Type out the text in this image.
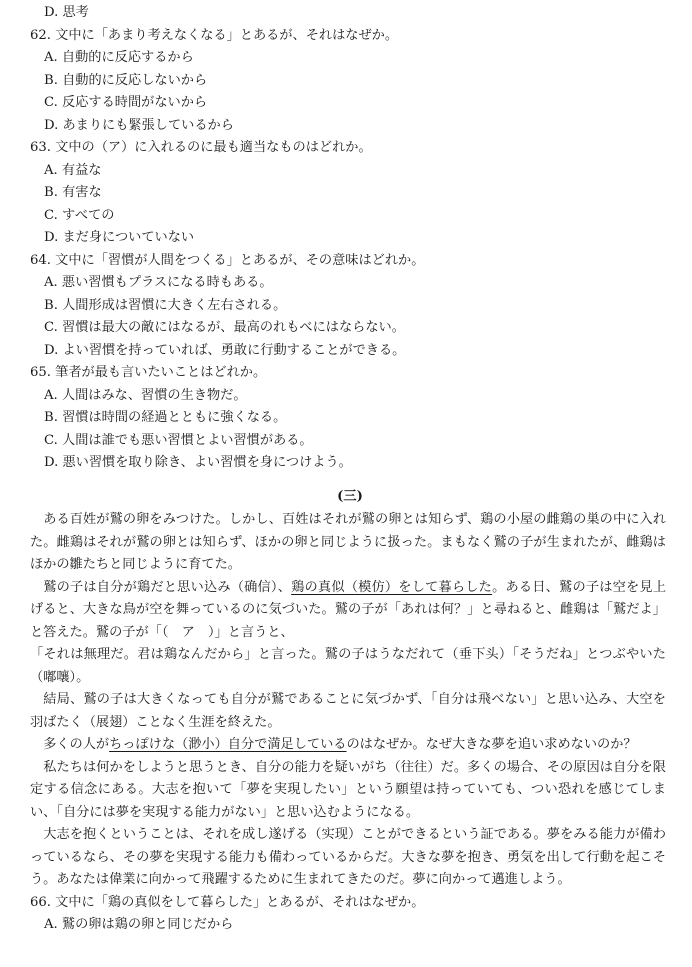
D. 思考
62. 文中に「あまり考えなくなる」とあるが、それはなぜか。
A. 自動的に反応するから
B. 自動的に反応しないから
C. 反応する時間がないから
D. あまりにも緊張しているから
63. 文中の（ア）に入れるのに最も適当なものはどれか。
A. 有益な
B. 有害な
C. すべての
D. まだ身についていない
64. 文中に「習慣が人間をつくる」とあるが、その意味はどれか。
A. 悪い習慣もプラスになる時もある。
B. 人間形成は習慣に大きく左右される。
C. 習慣は最大の敵にはなるが、最高のれもべにはならない。
D. よい習慣を持っていれば、勇敢に行動することができる。
65. 筆者が最も言いたいことはどれか。
A. 人間はみな、習慣の生き物だ。
B. 習慣は時間の経過とともに強くなる。
C. 人間は誰でも悪い習慣とよい習慣がある。
D. 悪い習慣を取り除き、よい習慣を身につけよう。
(三)

ある百姓が鷲の卵をみつけた。しかし、百姓はそれが鷲の卵とは知らず、鶏の小屋の雌鶏の巣の中に入れた。雌鶏はそれが鷲の卵とは知らず、ほかの卵と同じように扱った。まもなく鷲の子が生まれたが、雌鶏はほかの雛たちと同じように育てた。

鷲の子は自分が鶏だと思い込み（确信）、鶏の真似（模仿）をして暮らした。ある日、鷲の子は空を見上げると、大きな鳥が空を舞っているのに気づいた。鷲の子が「あれは何？」と尋ねると、雌鶏は「鷲だよ」と答えた。鷲の子が「（　ア　）」と言うと、

「それは無理だ。君は鶏なんだから」と言った。鷲の子はうなだれて（垂下头）「そうだね」とつぶやいた（嘟嚷）。

結局、鷲の子は大きくなっても自分が鷲であることに気づかず、「自分は飛べない」と思い込み、大空を羽ばたく（展翅）ことなく生涯を終えた。

多くの人がちっぽけな（渺小）自分で満足しているのはなぜか。なぜ大きな夢を追い求めないのか？

私たちは何かをしようと思うとき、自分の能力を疑いがち（往往）だ。多くの場合、その原因は自分を限定する信念にある。大志を抱いて「夢を実現したい」という願望は持っていても、つい恐れを感じてしまい、「自分には夢を実現する能力がない」と思い込むようになる。

大志を抱くということは、それを成し遂げる（实现）ことができるという証である。夢をみる能力が備わっているなら、その夢を実現する能力も備わっているからだ。大きな夢を抱き、勇気を出して行動を起こそう。あなたは偉業に向かって飛躍するために生まれてきたのだ。夢に向かって邁進しよう。

66. 文中に「鶏の真似をして暮らした」とあるが、それはなぜか。
A. 鷲の卵は鶏の卵と同じだから
